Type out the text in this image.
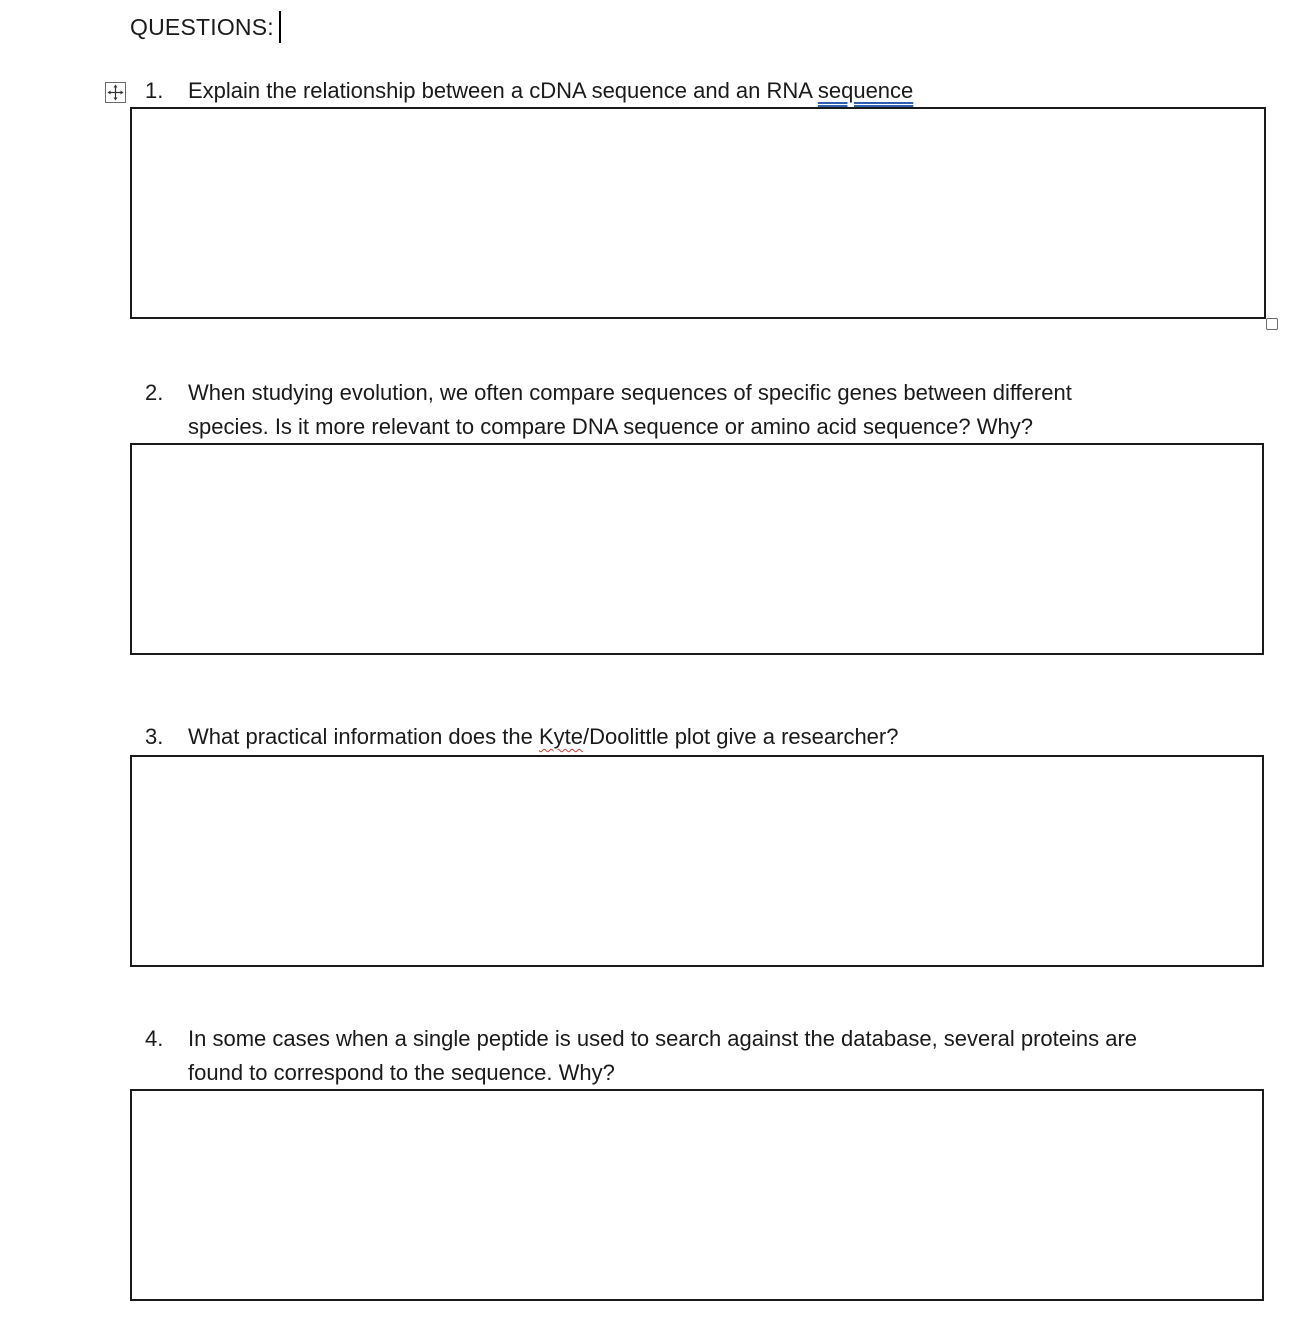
QUESTIONS:
1. Explain the relationship between a cDNA sequence and an RNA sequence
2. When studying evolution, we often compare sequences of specific genes between different
species. Is it more relevant to compare DNA sequence or amino acid sequence? Why?
3. What practical information does the Kyte/Doolittle plot give a researcher?
4. In some cases when a single peptide is used to search against the database, several proteins are
found to correspond to the sequence. Why?
